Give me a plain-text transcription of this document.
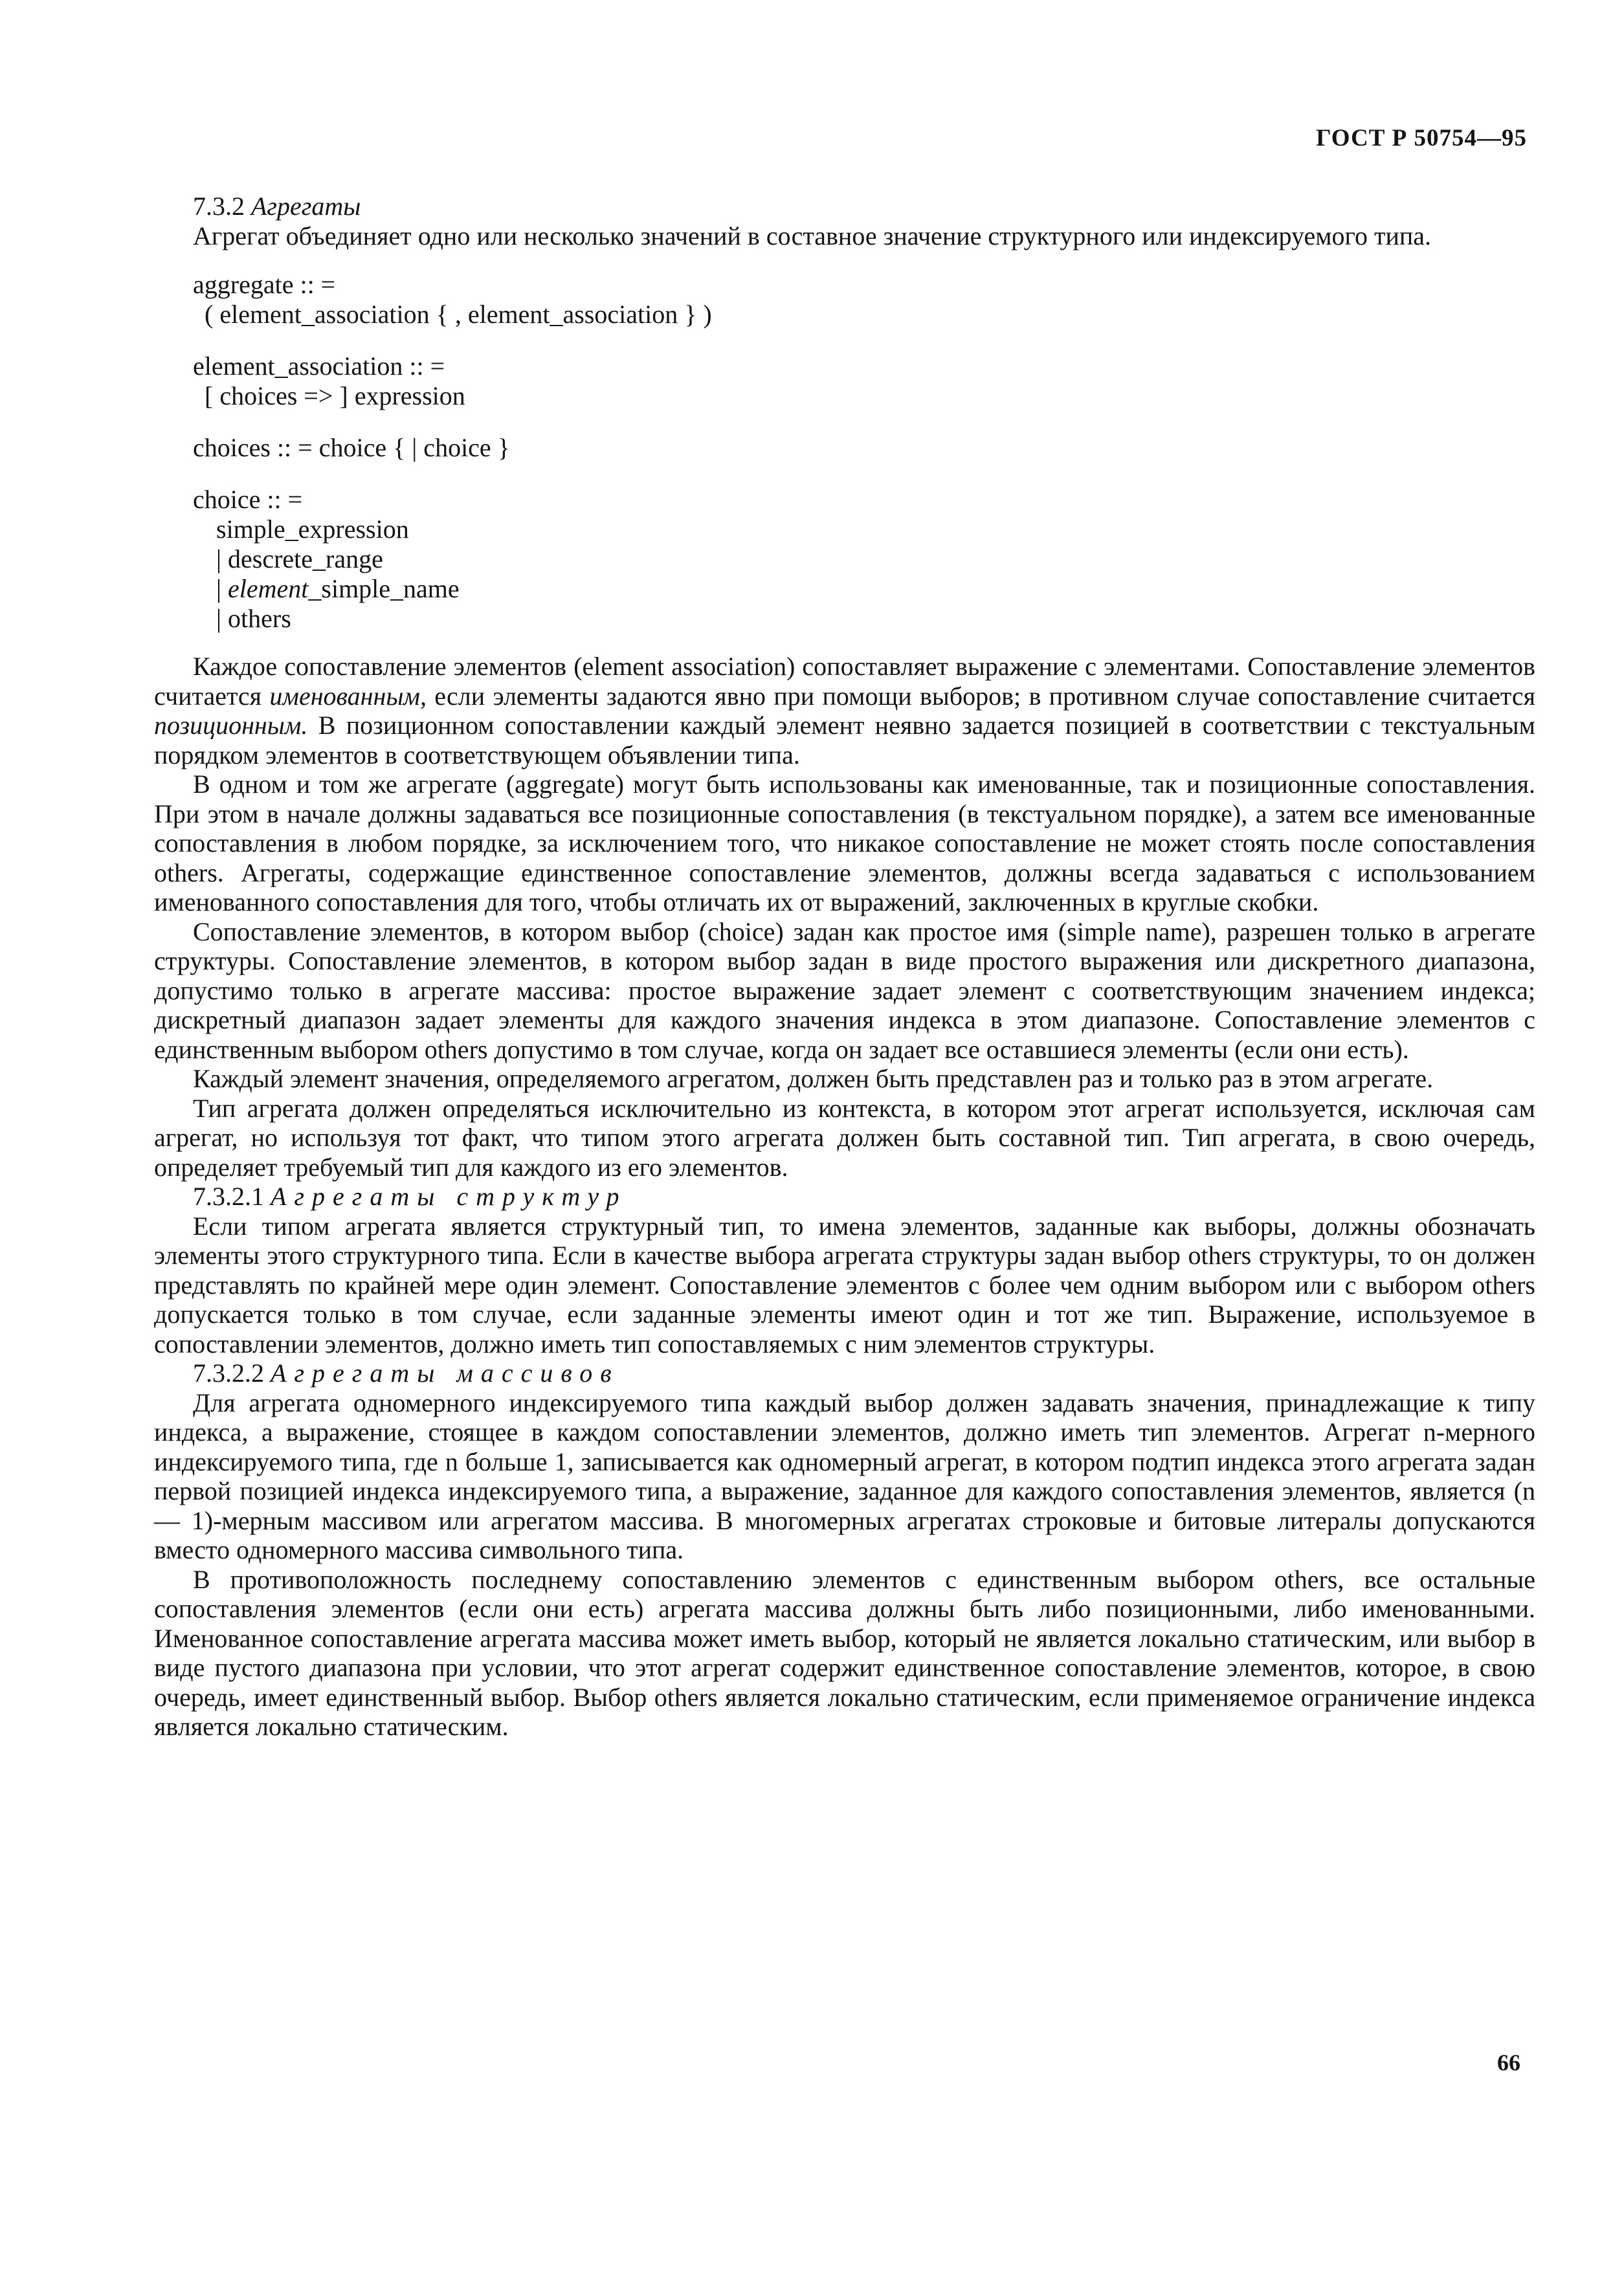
ГОСТ Р 50754—95
7.3.2 Агрегаты

Агрегат объединяет одно или несколько значений в составное значение структурного или индексируемого типа.

aggregate :: =
( element_association { , element_association } )
element_association :: =
[ choices => ] expression
choices :: = choice { | choice }
choice :: =
simple_expression
| descrete_range
| element_simple_name
| others

Каждое сопоставление элементов (element association) сопоставляет выражение с элементами. Сопоставление элементов считается именованным, если элементы задаются явно при помощи выборов; в противном случае сопоставление считается позиционным. В позиционном сопоставлении каждый элемент неявно задается позицией в соответствии с текстуальным порядком элементов в соответствующем объявлении типа.

В одном и том же агрегате (aggregate) могут быть использованы как именованные, так и позиционные сопоставления. При этом в начале должны задаваться все позиционные сопоставления (в текстуальном порядке), а затем все именованные сопоставления в любом порядке, за исключением того, что никакое сопоставление не может стоять после сопоставления others. Агрегаты, содержащие единственное сопоставление элементов, должны всегда задаваться с использованием именованного сопоставления для того, чтобы отличать их от выражений, заключенных в круглые скобки.

Сопоставление элементов, в котором выбор (choice) задан как простое имя (simple name), разрешен только в агрегате структуры. Сопоставление элементов, в котором выбор задан в виде простого выражения или дискретного диапазона, допустимо только в агрегате массива: простое выражение задает элемент с соответствующим значением индекса; дискретный диапазон задает элементы для каждого значения индекса в этом диапазоне. Сопоставление элементов с единственным выбором others допустимо в том случае, когда он задает все оставшиеся элементы (если они есть).

Каждый элемент значения, определяемого агрегатом, должен быть представлен раз и только раз в этом агрегате.

Тип агрегата должен определяться исключительно из контекста, в котором этот агрегат используется, исключая сам агрегат, но используя тот факт, что типом этого агрегата должен быть составной тип. Тип агрегата, в свою очередь, определяет требуемый тип для каждого из его элементов.

7.3.2.1 Агрегаты структур

Если типом агрегата является структурный тип, то имена элементов, заданные как выборы, должны обозначать элементы этого структурного типа. Если в качестве выбора агрегата структуры задан выбор others структуры, то он должен представлять по крайней мере один элемент. Сопоставление элементов с более чем одним выбором или с выбором others допускается только в том случае, если заданные элементы имеют один и тот же тип. Выражение, используемое в сопоставлении элементов, должно иметь тип сопоставляемых с ним элементов структуры.

7.3.2.2 Агрегаты массивов

Для агрегата одномерного индексируемого типа каждый выбор должен задавать значения, принадлежащие к типу индекса, а выражение, стоящее в каждом сопоставлении элементов, должно иметь тип элементов. Агрегат n-мерного индексируемого типа, где n больше 1, записывается как одномерный агрегат, в котором подтип индекса этого агрегата задан первой позицией индекса индексируемого типа, а выражение, заданное для каждого сопоставления элементов, является (n — 1)-мерным массивом или агрегатом массива. В многомерных агрегатах строковые и битовые литералы допускаются вместо одномерного массива символьного типа.

В противоположность последнему сопоставлению элементов с единственным выбором others, все остальные сопоставления элементов (если они есть) агрегата массива должны быть либо позиционными, либо именованными. Именованное сопоставление агрегата массива может иметь выбор, который не является локально статическим, или выбор в виде пустого диапазона при условии, что этот агрегат содержит единственное сопоставление элементов, которое, в свою очередь, имеет единственный выбор. Выбор others является локально статическим, если применяемое ограничение индекса является локально статическим.

66
